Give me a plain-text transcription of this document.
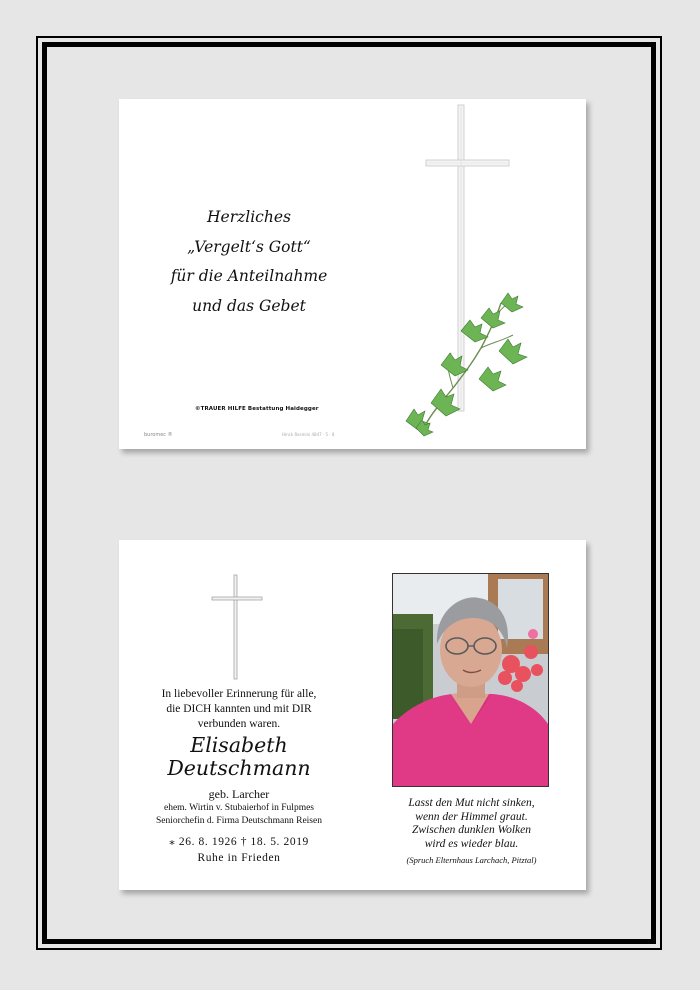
Herzliches
„Vergelt‘s Gott“
für die Anteilnahme
und das Gebet
©TRAUER HILFE Bestattung Haidegger
buromec ®	Hinck Rosmini 4847 · 5 · 8
In liebevoller Erinnerung für alle,
die DICH kannten und mit DIR
verbunden waren.
Elisabeth
Deutschmann
geb. Larcher
ehem. Wirtin v. Stubaierhof in Fulpmes
Seniorchefin d. Firma Deutschmann Reisen
⁎ 26. 8. 1926 † 18. 5. 2019
Ruhe in Frieden
Lasst den Mut nicht sinken,
wenn der Himmel graut.
Zwischen dunklen Wolken
wird es wieder blau.
(Spruch Elternhaus Larchach, Pitztal)
